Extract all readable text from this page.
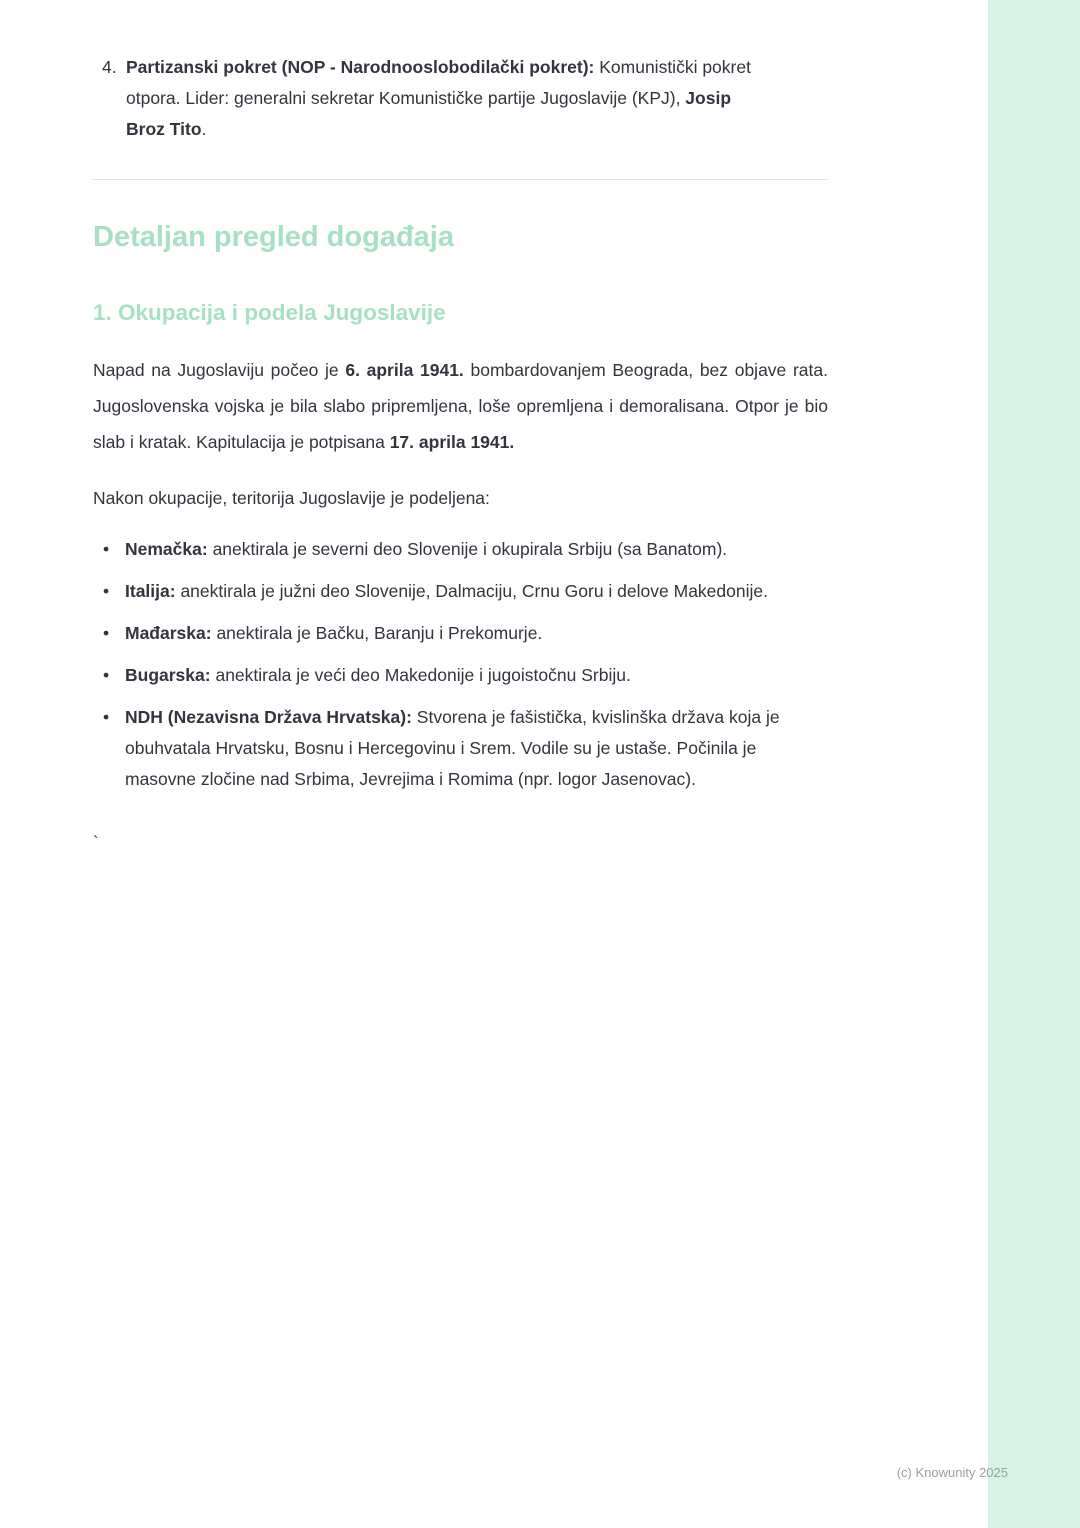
4. Partizanski pokret (NOP - Narodnooslobodilački pokret): Komunistički pokret otpora. Lider: generalni sekretar Komunističke partije Jugoslavije (KPJ), Josip Broz Tito.
Detaljan pregled događaja
1. Okupacija i podela Jugoslavije

Napad na Jugoslaviju počeo je 6. aprila 1941. bombardovanjem Beograda, bez objave rata. Jugoslovenska vojska je bila slabo pripremljena, loše opremljena i demoralisana. Otpor je bio slab i kratak. Kapitulacija je potpisana 17. aprila 1941.

Nakon okupacije, teritorija Jugoslavije je podeljena:

• Nemačka: anektirala je severni deo Slovenije i okupirala Srbiju (sa Banatom).
• Italija: anektirala je južni deo Slovenije, Dalmaciju, Crnu Goru i delove Makedonije.
• Mađarska: anektirala je Bačku, Baranju i Prekomurje.
• Bugarska: anektirala je veći deo Makedonije i jugoistočnu Srbiju.
• NDH (Nezavisna Država Hrvatska): Stvorena je fašistička, kvislinška država koja je obuhvatala Hrvatsku, Bosnu i Hercegovinu i Srem. Vodile su je ustaše. Počinila je masovne zločine nad Srbima, Jevrejima i Romima (npr. logor Jasenovac).
`
(c) Knowunity 2025
